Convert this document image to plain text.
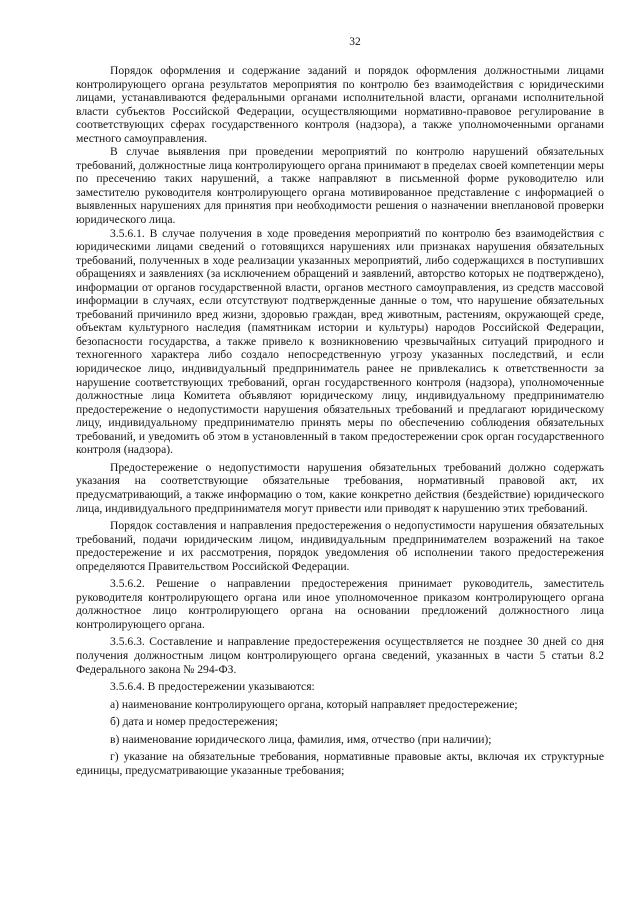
32

Порядок оформления и содержание заданий и порядок оформления должностными лицами контролирующего органа результатов мероприятия по контролю без взаимодействия с юридическими лицами, устанавливаются федеральными органами исполнительной власти, органами исполнительной власти субъектов Российской Федерации, осуществляющими нормативно-правовое регулирование в соответствующих сферах государственного контроля (надзора), а также уполномоченными органами местного самоуправления.

В случае выявления при проведении мероприятий по контролю нарушений обязательных требований, должностные лица контролирующего органа принимают в пределах своей компетенции меры по пресечению таких нарушений, а также направляют в письменной форме руководителю или заместителю руководителя контролирующего органа мотивированное представление с информацией о выявленных нарушениях для принятия при необходимости решения о назначении внеплановой проверки юридического лица.

3.5.6.1. В случае получения в ходе проведения мероприятий по контролю без взаимодействия с юридическими лицами сведений о готовящихся нарушениях или признаках нарушения обязательных требований, полученных в ходе реализации указанных мероприятий, либо содержащихся в поступивших обращениях и заявлениях (за исключением обращений и заявлений, авторство которых не подтверждено), информации от органов государственной власти, органов местного самоуправления, из средств массовой информации в случаях, если отсутствуют подтвержденные данные о том, что нарушение обязательных требований причинило вред жизни, здоровью граждан, вред животным, растениям, окружающей среде, объектам культурного наследия (памятникам истории и культуры) народов Российской Федерации, безопасности государства, а также привело к возникновению чрезвычайных ситуаций природного и техногенного характера либо создало непосредственную угрозу указанных последствий, и если юридическое лицо, индивидуальный предприниматель ранее не привлекались к ответственности за нарушение соответствующих требований, орган государственного контроля (надзора), уполномоченные должностные лица Комитета объявляют юридическому лицу, индивидуальному предпринимателю предостережение о недопустимости нарушения обязательных требований и предлагают юридическому лицу, индивидуальному предпринимателю принять меры по обеспечению соблюдения обязательных требований, и уведомить об этом в установленный в таком предостережении срок орган государственного контроля (надзора).

Предостережение о недопустимости нарушения обязательных требований должно содержать указания на соответствующие обязательные требования, нормативный правовой акт, их предусматривающий, а также информацию о том, какие конкретно действия (бездействие) юридического лица, индивидуального предпринимателя могут привести или приводят к нарушению этих требований.

Порядок составления и направления предостережения о недопустимости нарушения обязательных требований, подачи юридическим лицом, индивидуальным предпринимателем возражений на такое предостережение и их рассмотрения, порядок уведомления об исполнении такого предостережения определяются Правительством Российской Федерации.

3.5.6.2. Решение о направлении предостережения принимает руководитель, заместитель руководителя контролирующего органа или иное уполномоченное приказом контролирующего органа должностное лицо контролирующего органа на основании предложений должностного лица контролирующего органа.

3.5.6.3. Составление и направление предостережения осуществляется не позднее 30 дней со дня получения должностным лицом контролирующего органа сведений, указанных в части 5 статьи 8.2 Федерального закона № 294-ФЗ.

3.5.6.4. В предостережении указываются:

а) наименование контролирующего органа, который направляет предостережение;

б) дата и номер предостережения;

в) наименование юридического лица, фамилия, имя, отчество (при наличии);

г) указание на обязательные требования, нормативные правовые акты, включая их структурные единицы, предусматривающие указанные требования;
